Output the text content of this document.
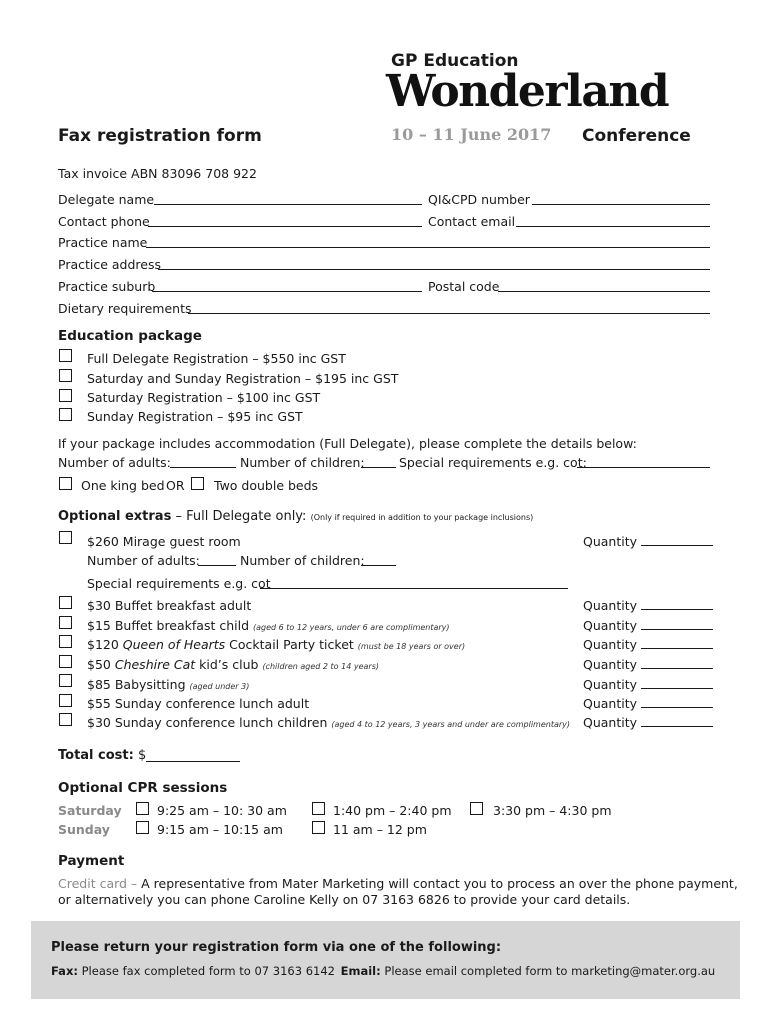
GP Education
Wonderland
Fax registration form	10 – 11 June 2017 Conference
Tax invoice ABN 83096 708 922
Delegate name	QI&CPD number
Contact phone	Contact email
Practice name
Practice address
Practice suburb	Postal code
Dietary requirements
Education package
Full Delegate Registration – $550 inc GST
Saturday and Sunday Registration – $195 inc GST
Saturday Registration – $100 inc GST
Sunday Registration – $95 inc GST
If your package includes accommodation (Full Delegate), please complete the details below:
Number of adults:	Number of children:	Special requirements e.g. cot:
One king bed OR Two double beds
Optional extras – Full Delegate only: (Only if required in addition to your package inclusions)
$260 Mirage guest room	Quantity
Number of adults:	Number of children:
Special requirements e.g. cot
$30 Buffet breakfast adult	Quantity
$15 Buffet breakfast child (aged 6 to 12 years, under 6 are complimentary)	Quantity
$120 Queen of Hearts Cocktail Party ticket (must be 18 years or over)	Quantity
$50 Cheshire Cat kid’s club (children aged 2 to 14 years)	Quantity
$85 Babysitting (aged under 3)	Quantity
$55 Sunday conference lunch adult	Quantity
$30 Sunday conference lunch children (aged 4 to 12 years, 3 years and under are complimentary) Quantity
Total cost: $
Optional CPR sessions
Saturday	9:25 am – 10: 30 am	1:40 pm – 2:40 pm	3:30 pm – 4:30 pm
Sunday	9:15 am – 10:15 am	11 am – 12 pm
Payment
Credit card – A representative from Mater Marketing will contact you to process an over the phone payment,
or alternatively you can phone Caroline Kelly on 07 3163 6826 to provide your card details.
Please return your registration form via one of the following:
Fax: Please fax completed form to 07 3163 6142 Email: Please email completed form to marketing@mater.org.au
